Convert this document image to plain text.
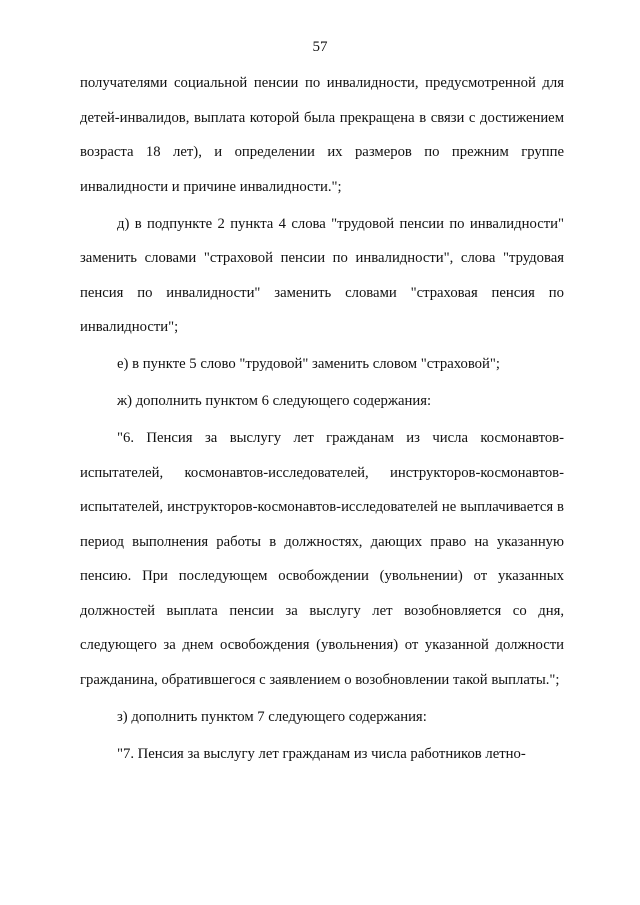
57

получателями социальной пенсии по инвалидности, предусмотренной для детей-инвалидов, выплата которой была прекращена в связи с достижением возраста 18 лет), и определении их размеров по прежним группе инвалидности и причине инвалидности.";

д) в подпункте 2 пункта 4 слова "трудовой пенсии по инвалидности" заменить словами "страховой пенсии по инвалидности", слова "трудовая пенсия по инвалидности" заменить словами "страховая пенсия по инвалидности";

е) в пункте 5 слово "трудовой" заменить словом "страховой";

ж) дополнить пунктом 6 следующего содержания:

"6. Пенсия за выслугу лет гражданам из числа космонавтов-испытателей, космонавтов-исследователей, инструкторов-космонавтов-испытателей, инструкторов-космонавтов-исследователей не выплачивается в период выполнения работы в должностях, дающих право на указанную пенсию. При последующем освобождении (увольнении) от указанных должностей выплата пенсии за выслугу лет возобновляется со дня, следующего за днем освобождения (увольнения) от указанной должности гражданина, обратившегося с заявлением о возобновлении такой выплаты.";

з) дополнить пунктом 7 следующего содержания:

"7. Пенсия за выслугу лет гражданам из числа работников летно-
